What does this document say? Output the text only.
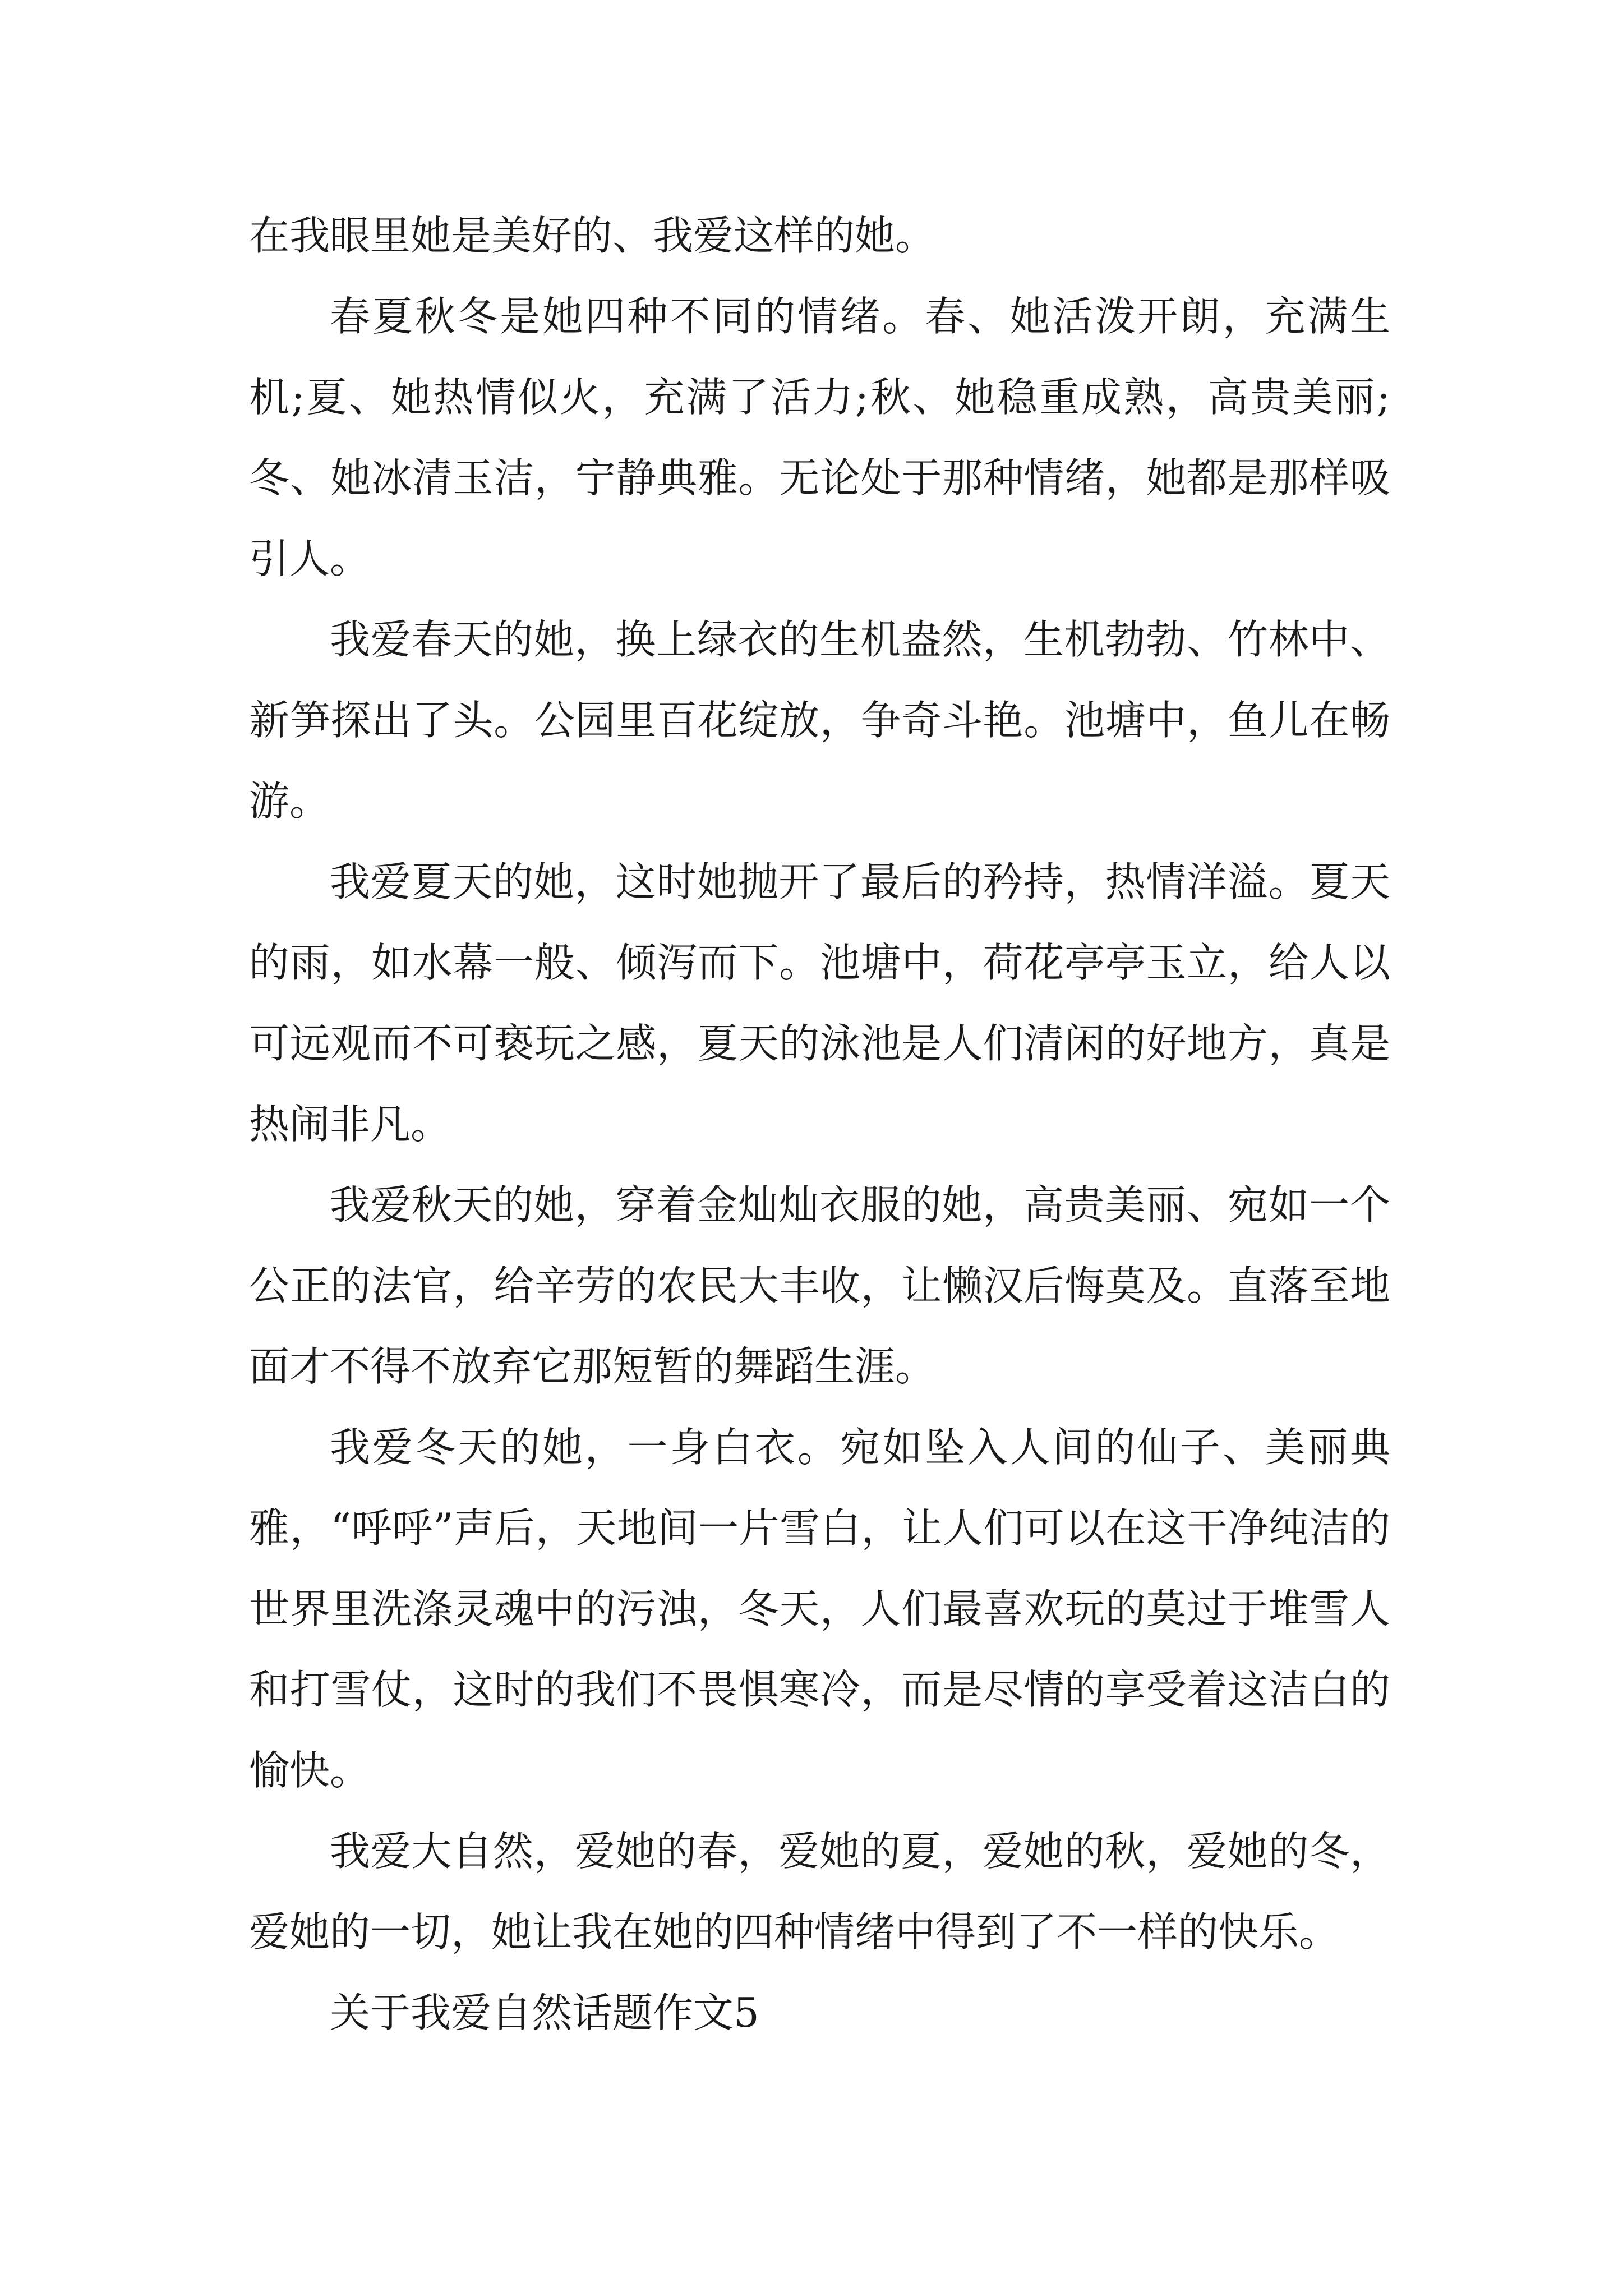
在我眼里她是美好的、我爱这样的她。

春夏秋冬是她四种不同的情绪。春、她活泼开朗，充满生机;夏、她热情似火，充满了活力;秋、她稳重成熟，高贵美丽;冬、她冰清玉洁，宁静典雅。无论处于那种情绪，她都是那样吸引人。

我爱春天的她，换上绿衣的生机盎然，生机勃勃、竹林中、新笋探出了头。公园里百花绽放，争奇斗艳。池塘中，鱼儿在畅游。

我爱夏天的她，这时她抛开了最后的矜持，热情洋溢。夏天的雨，如水幕一般、倾泻而下。池塘中，荷花亭亭玉立，给人以可远观而不可亵玩之感，夏天的泳池是人们清闲的好地方，真是热闹非凡。

我爱秋天的她，穿着金灿灿衣服的她，高贵美丽、宛如一个公正的法官，给辛劳的农民大丰收，让懒汉后悔莫及。直落至地面才不得不放弃它那短暂的舞蹈生涯。

我爱冬天的她，一身白衣。宛如坠入人间的仙子、美丽典雅，“呼呼”声后，天地间一片雪白，让人们可以在这干净纯洁的世界里洗涤灵魂中的污浊，冬天，人们最喜欢玩的莫过于堆雪人和打雪仗，这时的我们不畏惧寒冷，而是尽情的享受着这洁白的愉快。

我爱大自然，爱她的春，爱她的夏，爱她的秋，爱她的冬，爱她的一切，她让我在她的四种情绪中得到了不一样的快乐。

关于我爱自然话题作文5
